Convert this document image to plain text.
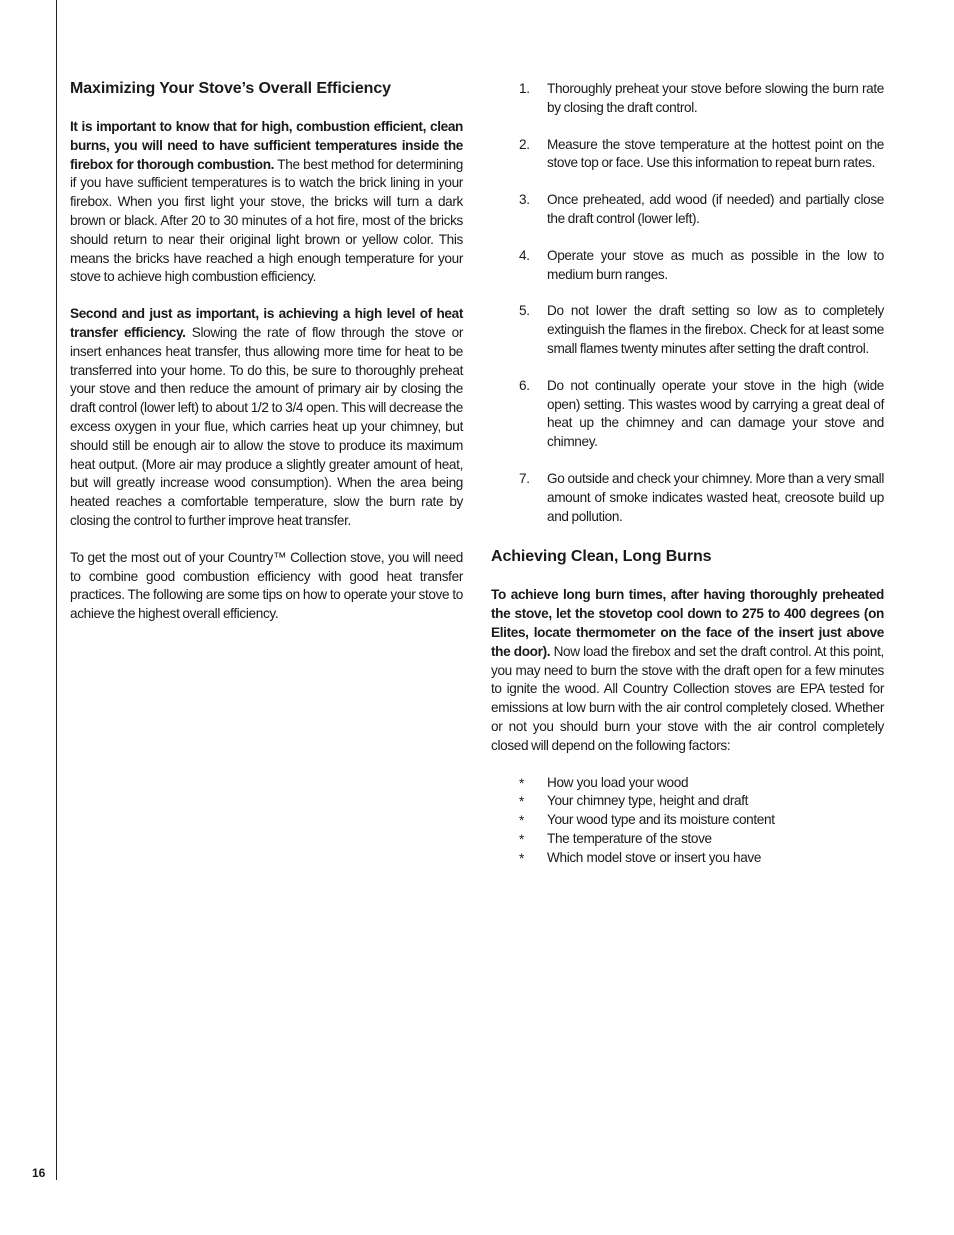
16
Maximizing Your Stove’s Overall Efficiency

It is important to know that for high, combustion efficient, clean burns, you will need to have sufficient temperatures inside the firebox for thorough combustion. The best method for determining if you have sufficient temperatures is to watch the brick lining in your firebox. When you first light your stove, the bricks will turn a dark brown or black. After 20 to 30 minutes of a hot fire, most of the bricks should return to near their original light brown or yellow color. This means the bricks have reached a high enough temperature for your stove to achieve high combustion efficiency.

Second and just as important, is achieving a high level of heat transfer efficiency. Slowing the rate of flow through the stove or insert enhances heat transfer, thus allowing more time for heat to be transferred into your home. To do this, be sure to thoroughly preheat your stove and then reduce the amount of primary air by closing the draft control (lower left) to about 1/2 to 3/4 open. This will decrease the excess oxygen in your flue, which carries heat up your chimney, but should still be enough air to allow the stove to produce its maximum heat output. (More air may produce a slightly greater amount of heat, but will greatly increase wood consumption). When the area being heated reaches a comfortable temperature, slow the burn rate by closing the control to further improve heat transfer.

To get the most out of your Country™ Collection stove, you will need to combine good combustion efficiency with good heat transfer practices. The following are some tips on how to operate your stove to achieve the highest overall efficiency.

1. Thoroughly preheat your stove before slowing the burn rate by closing the draft control.
2. Measure the stove temperature at the hottest point on the stove top or face. Use this information to repeat burn rates.
3. Once preheated, add wood (if needed) and partially close the draft control (lower left).
4. Operate your stove as much as possible in the low to medium burn ranges.
5. Do not lower the draft setting so low as to completely extinguish the flames in the firebox. Check for at least some small flames twenty minutes after setting the draft control.
6. Do not continually operate your stove in the high (wide open) setting. This wastes wood by carrying a great deal of heat up the chimney and can damage your stove and chimney.
7. Go outside and check your chimney. More than a very small amount of smoke indicates wasted heat, creosote build up and pollution.
Achieving Clean, Long Burns

To achieve long burn times, after having thoroughly preheated the stove, let the stovetop cool down to 275 to 400 degrees (on Elites, locate thermometer on the face of the insert just above the door). Now load the firebox and set the draft control. At this point, you may need to burn the stove with the draft open for a few minutes to ignite the wood. All Country Collection stoves are EPA tested for emissions at low burn with the air control completely closed. Whether or not you should burn your stove with the air control completely closed will depend on the following factors:

* How you load your wood
* Your chimney type, height and draft
* Your wood type and its moisture content
* The temperature of the stove
* Which model stove or insert you have
